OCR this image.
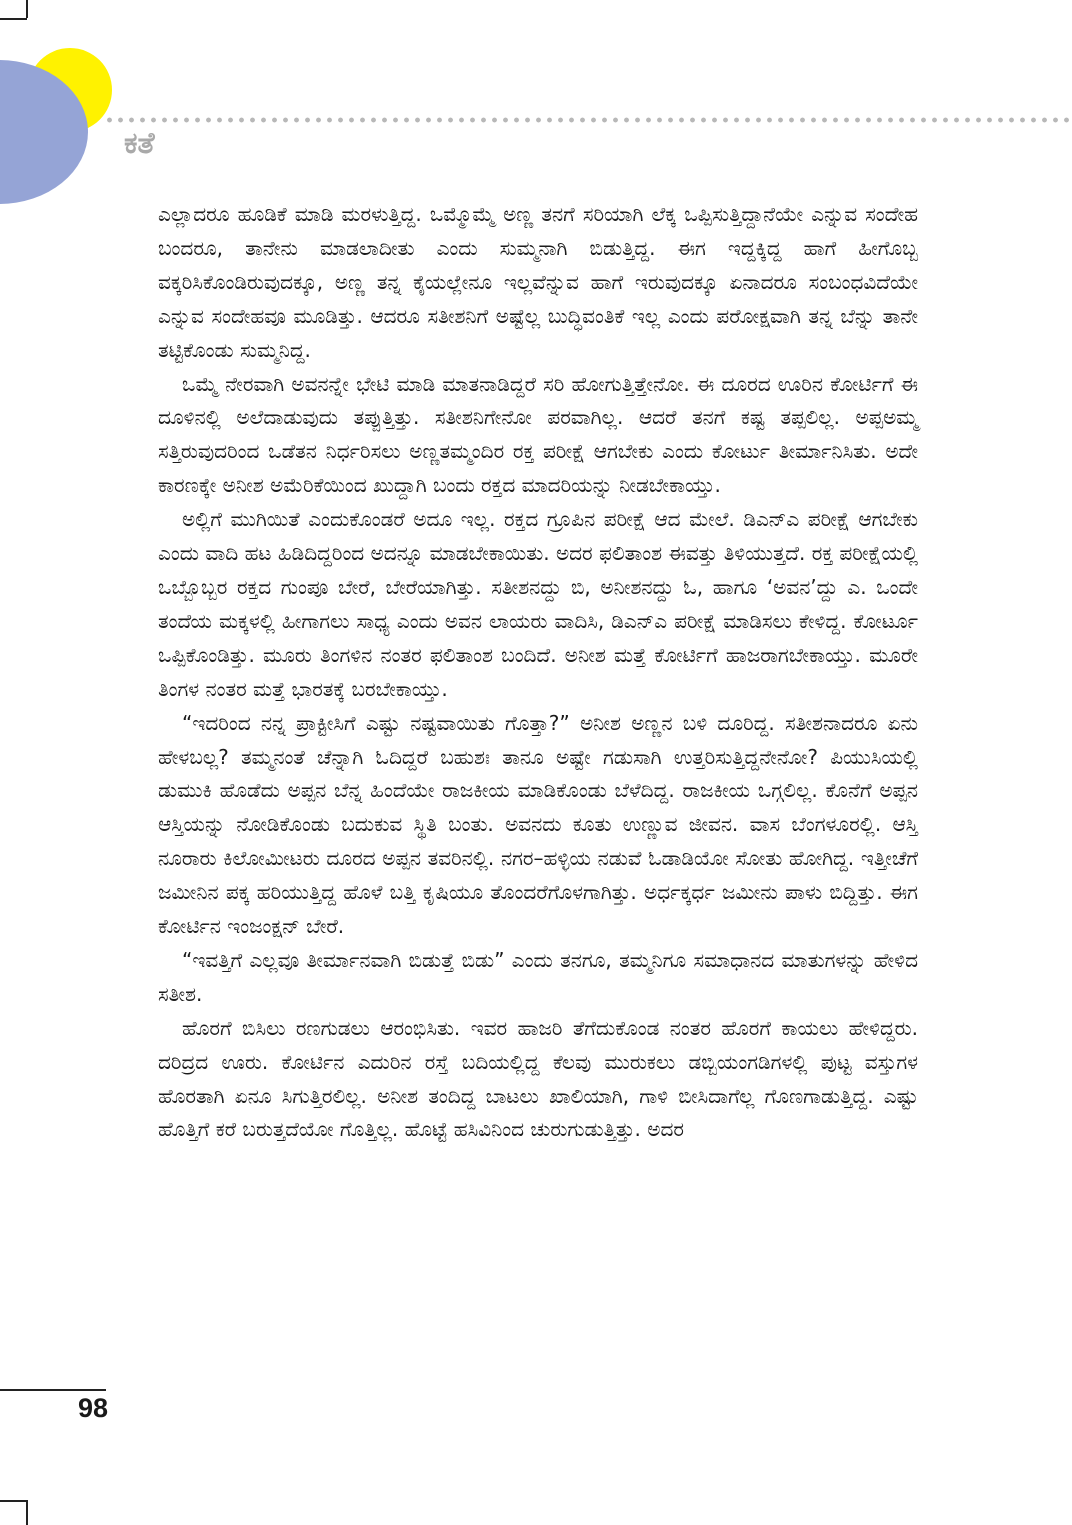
ಕತೆ

ಎಲ್ಲಾದರೂ ಹೂಡಿಕೆ ಮಾಡಿ ಮರಳುತ್ತಿದ್ದ. ಒಮ್ಮೊಮ್ಮೆ ಅಣ್ಣ ತನಗೆ ಸರಿಯಾಗಿ ಲೆಕ್ಕ ಒಪ್ಪಿಸುತ್ತಿದ್ದಾನೆಯೇ ಎನ್ನುವ ಸಂದೇಹ ಬಂದರೂ, ತಾನೇನು ಮಾಡಲಾದೀತು ಎಂದು ಸುಮ್ಮನಾಗಿ ಬಿಡುತ್ತಿದ್ದ. ಈಗ ಇದ್ದಕ್ಕಿದ್ದ ಹಾಗೆ ಹೀಗೊಬ್ಬ ವಕ್ಕರಿಸಿಕೊಂಡಿರುವುದಕ್ಕೂ, ಅಣ್ಣ ತನ್ನ ಕೈಯಲ್ಲೇನೂ ಇಲ್ಲವೆನ್ನುವ ಹಾಗೆ ಇರುವುದಕ್ಕೂ ಏನಾದರೂ ಸಂಬಂಧವಿದೆಯೇ ಎನ್ನುವ ಸಂದೇಹವೂ ಮೂಡಿತ್ತು. ಆದರೂ ಸತೀಶನಿಗೆ ಅಷ್ಟೆಲ್ಲ ಬುದ್ಧಿವಂತಿಕೆ ಇಲ್ಲ ಎಂದು ಪರೋಕ್ಷವಾಗಿ ತನ್ನ ಬೆನ್ನು ತಾನೇ ತಟ್ಟಿಕೊಂಡು ಸುಮ್ಮನಿದ್ದ.

ಒಮ್ಮೆ ನೇರವಾಗಿ ಅವನನ್ನೇ ಭೇಟಿ ಮಾಡಿ ಮಾತನಾಡಿದ್ದರೆ ಸರಿ ಹೋಗುತ್ತಿತ್ತೇನೋ. ಈ ದೂರದ ಊರಿನ ಕೋರ್ಟಿಗೆ ಈ ದೂಳಿನಲ್ಲಿ ಅಲೆದಾಡುವುದು ತಪ್ಪುತ್ತಿತ್ತು. ಸತೀಶನಿಗೇನೋ ಪರವಾಗಿಲ್ಲ. ಆದರೆ ತನಗೆ ಕಷ್ಟ ತಪ್ಪಲಿಲ್ಲ. ಅಪ್ಪಅಮ್ಮ ಸತ್ತಿರುವುದರಿಂದ ಒಡೆತನ ನಿರ್ಧರಿಸಲು ಅಣ್ಣತಮ್ಮಂದಿರ ರಕ್ತ ಪರೀಕ್ಷೆ ಆಗಬೇಕು ಎಂದು ಕೋರ್ಟು ತೀರ್ಮಾನಿಸಿತು. ಅದೇ ಕಾರಣಕ್ಕೇ ಅನೀಶ ಅಮೆರಿಕೆಯಿಂದ ಖುದ್ದಾಗಿ ಬಂದು ರಕ್ತದ ಮಾದರಿಯನ್ನು ನೀಡಬೇಕಾಯ್ತು.

ಅಲ್ಲಿಗೆ ಮುಗಿಯಿತೆ ಎಂದುಕೊಂಡರೆ ಅದೂ ಇಲ್ಲ. ರಕ್ತದ ಗ್ರೂಪಿನ ಪರೀಕ್ಷೆ ಆದ ಮೇಲೆ. ಡಿಎನ್‌ಎ ಪರೀಕ್ಷೆ ಆಗಬೇಕು ಎಂದು ವಾದಿ ಹಟ ಹಿಡಿದಿದ್ದರಿಂದ ಅದನ್ನೂ ಮಾಡಬೇಕಾಯಿತು. ಅದರ ಫಲಿತಾಂಶ ಈವತ್ತು ತಿಳಿಯುತ್ತದೆ. ರಕ್ತ ಪರೀಕ್ಷೆಯಲ್ಲಿ ಒಬ್ಬೊಬ್ಬರ ರಕ್ತದ ಗುಂಪೂ ಬೇರೆ, ಬೇರೆಯಾಗಿತ್ತು. ಸತೀಶನದ್ದು ಬಿ, ಅನೀಶನದ್ದು ಓ, ಹಾಗೂ ‘ಅವನ’ದ್ದು ಎ. ಒಂದೇ ತಂದೆಯ ಮಕ್ಕಳಲ್ಲಿ ಹೀಗಾಗಲು ಸಾಧ್ಯ ಎಂದು ಅವನ ಲಾಯರು ವಾದಿಸಿ, ಡಿಎನ್‌ಎ ಪರೀಕ್ಷೆ ಮಾಡಿಸಲು ಕೇಳಿದ್ದ. ಕೋರ್ಟೂ ಒಪ್ಪಿಕೊಂಡಿತ್ತು. ಮೂರು ತಿಂಗಳಿನ ನಂತರ ಫಲಿತಾಂಶ ಬಂದಿದೆ. ಅನೀಶ ಮತ್ತೆ ಕೋರ್ಟಿಗೆ ಹಾಜರಾಗಬೇಕಾಯ್ತು. ಮೂರೇ ತಿಂಗಳ ನಂತರ ಮತ್ತೆ ಭಾರತಕ್ಕೆ ಬರಬೇಕಾಯ್ತು.

“ಇದರಿಂದ ನನ್ನ ಪ್ರಾಕ್ಟೀಸಿಗೆ ಎಷ್ಟು ನಷ್ಟವಾಯಿತು ಗೊತ್ತಾ?” ಅನೀಶ ಅಣ್ಣನ ಬಳಿ ದೂರಿದ್ದ. ಸತೀಶನಾದರೂ ಏನು ಹೇಳಬಲ್ಲ? ತಮ್ಮನಂತೆ ಚೆನ್ನಾಗಿ ಓದಿದ್ದರೆ ಬಹುಶಃ ತಾನೂ ಅಷ್ಟೇ ಗಡುಸಾಗಿ ಉತ್ತರಿಸುತ್ತಿದ್ದನೇನೋ? ಪಿಯುಸಿಯಲ್ಲಿ ಡುಮುಕಿ ಹೊಡೆದು ಅಪ್ಪನ ಬೆನ್ನ ಹಿಂದೆಯೇ ರಾಜಕೀಯ ಮಾಡಿಕೊಂಡು ಬೆಳೆದಿದ್ದ. ರಾಜಕೀಯ ಒಗ್ಗಲಿಲ್ಲ. ಕೊನೆಗೆ ಅಪ್ಪನ ಆಸ್ತಿಯನ್ನು ನೋಡಿಕೊಂಡು ಬದುಕುವ ಸ್ಥಿತಿ ಬಂತು. ಅವನದು ಕೂತು ಉಣ್ಣುವ ಜೀವನ. ವಾಸ ಬೆಂಗಳೂರಲ್ಲಿ. ಆಸ್ತಿ ನೂರಾರು ಕಿಲೋಮೀಟರು ದೂರದ ಅಪ್ಪನ ತವರಿನಲ್ಲಿ. ನಗರ–ಹಳ್ಳಿಯ ನಡುವೆ ಓಡಾಡಿಯೋ ಸೋತು ಹೋಗಿದ್ದ. ಇತ್ತೀಚೆಗೆ ಜಮೀನಿನ ಪಕ್ಕ ಹರಿಯುತ್ತಿದ್ದ ಹೊಳೆ ಬತ್ತಿ ಕೃಷಿಯೂ ತೊಂದರೆಗೊಳಗಾಗಿತ್ತು. ಅರ್ಧಕ್ಕರ್ಧ ಜಮೀನು ಪಾಳು ಬಿದ್ದಿತ್ತು. ಈಗ ಕೋರ್ಟಿನ ಇಂಜಂಕ್ಷನ್ ಬೇರೆ.

“ಇವತ್ತಿಗೆ ಎಲ್ಲವೂ ತೀರ್ಮಾನವಾಗಿ ಬಿಡುತ್ತೆ ಬಿಡು” ಎಂದು ತನಗೂ, ತಮ್ಮನಿಗೂ ಸಮಾಧಾನದ ಮಾತುಗಳನ್ನು ಹೇಳಿದ ಸತೀಶ.

ಹೊರಗೆ ಬಿಸಿಲು ರಣಗುಡಲು ಆರಂಭಿಸಿತು. ಇವರ ಹಾಜರಿ ತೆಗೆದುಕೊಂಡ ನಂತರ ಹೊರಗೆ ಕಾಯಲು ಹೇಳಿದ್ದರು. ದರಿದ್ರದ ಊರು. ಕೋರ್ಟಿನ ಎದುರಿನ ರಸ್ತೆ ಬದಿಯಲ್ಲಿದ್ದ ಕೆಲವು ಮುರುಕಲು ಡಬ್ಬಿಯಂಗಡಿಗಳಲ್ಲಿ ಪುಟ್ಟ ವಸ್ತುಗಳ ಹೊರತಾಗಿ ಏನೂ ಸಿಗುತ್ತಿರಲಿಲ್ಲ. ಅನೀಶ ತಂದಿದ್ದ ಬಾಟಲು ಖಾಲಿಯಾಗಿ, ಗಾಳಿ ಬೀಸಿದಾಗೆಲ್ಲ ಗೊಣಗಾಡುತ್ತಿದ್ದ. ಎಷ್ಟು ಹೊತ್ತಿಗೆ ಕರೆ ಬರುತ್ತದೆಯೋ ಗೊತ್ತಿಲ್ಲ. ಹೊಟ್ಟೆ ಹಸಿವಿನಿಂದ ಚುರುಗುಡುತ್ತಿತ್ತು. ಅದರ

98
